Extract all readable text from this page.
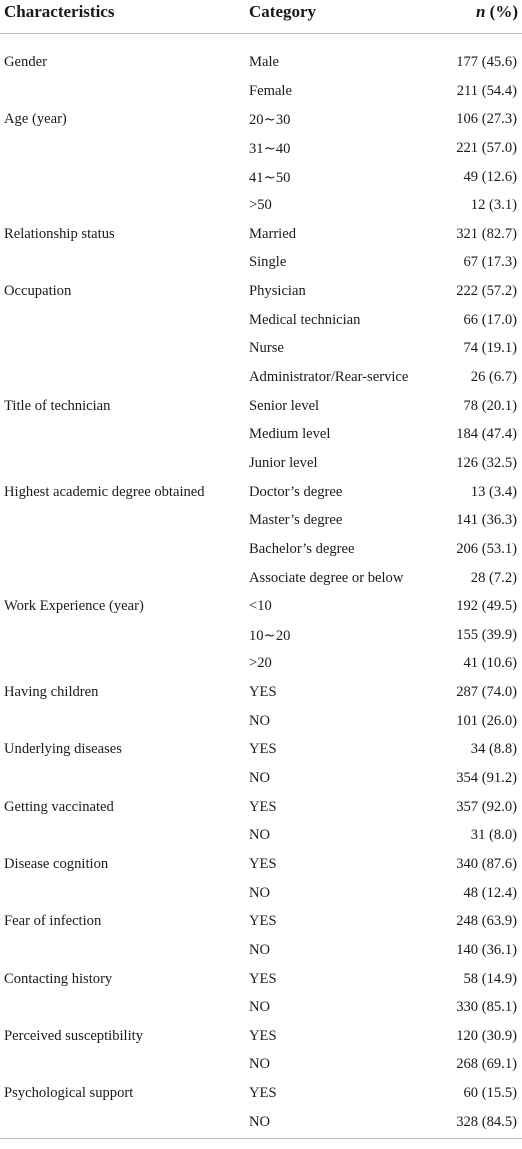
Characteristics	Category	n (%)
Gender	Male	177 (45.6)
Female	211 (54.4)
Age (year)	20∼30	106 (27.3)
31∼40	221 (57.0)
41∼50	49 (12.6)
>50	12 (3.1)
Relationship status	Married	321 (82.7)
Single	67 (17.3)
Occupation	Physician	222 (57.2)
Medical technician	66 (17.0)
Nurse	74 (19.1)
Administrator/Rear-service	26 (6.7)
Title of technician	Senior level	78 (20.1)
Medium level	184 (47.4)
Junior level	126 (32.5)
Highest academic degree obtained	Doctor’s degree	13 (3.4)
Master’s degree	141 (36.3)
Bachelor’s degree	206 (53.1)
Associate degree or below	28 (7.2)
Work Experience (year)	<10	192 (49.5)
10∼20	155 (39.9)
>20	41 (10.6)
Having children	YES	287 (74.0)
NO	101 (26.0)
Underlying diseases	YES	34 (8.8)
NO	354 (91.2)
Getting vaccinated	YES	357 (92.0)
NO	31 (8.0)
Disease cognition	YES	340 (87.6)
NO	48 (12.4)
Fear of infection	YES	248 (63.9)
NO	140 (36.1)
Contacting history	YES	58 (14.9)
NO	330 (85.1)
Perceived susceptibility	YES	120 (30.9)
NO	268 (69.1)
Psychological support	YES	60 (15.5)
NO	328 (84.5)
